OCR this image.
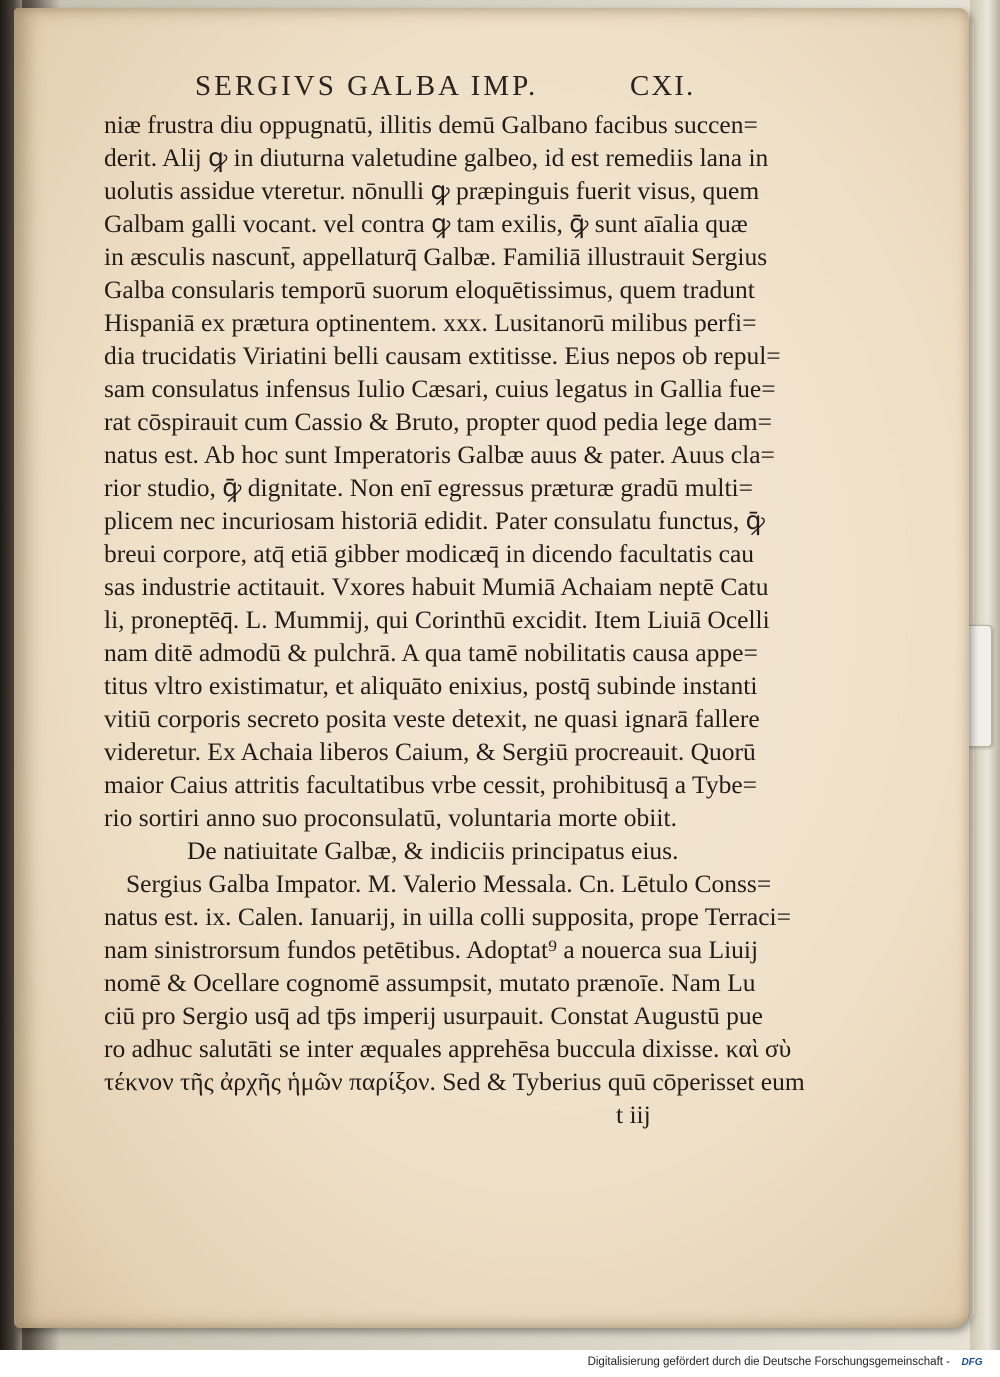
SERGIVS GALBA IMP.	CXI.
niæ frustra diu oppugnatū, illitis demū Galbano facibus succen=
derit. Alij ꝙ in diuturna valetudine galbeo, id est remediis lana in
uolutis assidue vteretur. nōnulli ꝙ præpinguis fuerit visus, quem
Galbam galli vocant. vel contra ꝙ tam exilis, ꝙ̄ sunt aīalia quæ
in æsculis nascunt̄, appellaturq̄ Galbæ. Familiā illustrauit Sergius
Galba consularis temporū suorum eloquētissimus, quem tradunt
Hispaniā ex prætura optinentem. xxx. Lusitanorū milibus perfi=
dia trucidatis Viriatini belli causam extitisse. Eius nepos ob repul=
sam consulatus infensus Iulio Cæsari, cuius legatus in Gallia fue=
rat cōspirauit cum Cassio & Bruto, propter quod pedia lege dam=
natus est. Ab hoc sunt Imperatoris Galbæ auus & pater. Auus cla=
rior studio, ꝙ̄ dignitate. Non enī egressus præturæ gradū multi=
plicem nec incuriosam historiā edidit. Pater consulatu functus, ꝙ̄
breui corpore, atq̄ etiā gibber modicæq̄ in dicendo facultatis cau
sas industrie actitauit. Vxores habuit Mumiā Achaiam neptē Catu
li, proneptēq̄. L. Mummij, qui Corinthū excidit. Item Liuiā Ocelli
nam ditē admodū & pulchrā. A qua tamē nobilitatis causa appe=
titus vltro existimatur, et aliquāto enixius, postq̄ subinde instanti
vitiū corporis secreto posita veste detexit, ne quasi ignarā fallere
videretur. Ex Achaia liberos Caium, & Sergiū procreauit. Quorū
maior Caius attritis facultatibus vrbe cessit, prohibitusq̄ a Tybe=
rio sortiri anno suo proconsulatū, voluntaria morte obiit.
De natiuitate Galbæ, & indiciis principatus eius.
Sergius Galba Impator. M. Valerio Messala. Cn. Lētulo Conss=
natus est. ix. Calen. Ianuarij, in uilla colli supposita, prope Terraci=
nam sinistrorsum fundos petētibus. Adoptat⁹ a nouerca sua Liuij
nomē & Ocellare cognomē assumpsit, mutato prænoīe. Nam Lu
ciū pro Sergio usq̄ ad tp̄s imperij usurpauit. Constat Augustū pue
ro adhuc salutāti se inter æquales apprehēsa buccula dixisse. καὶ σὺ
τέκνον τῆς ἀρχῆς ἡμῶν παρίξον. Sed & Tyberius quū cōperisset eum
t iij
Digitalisierung gefördert durch die Deutsche Forschungsgemeinschaft -	DFG
